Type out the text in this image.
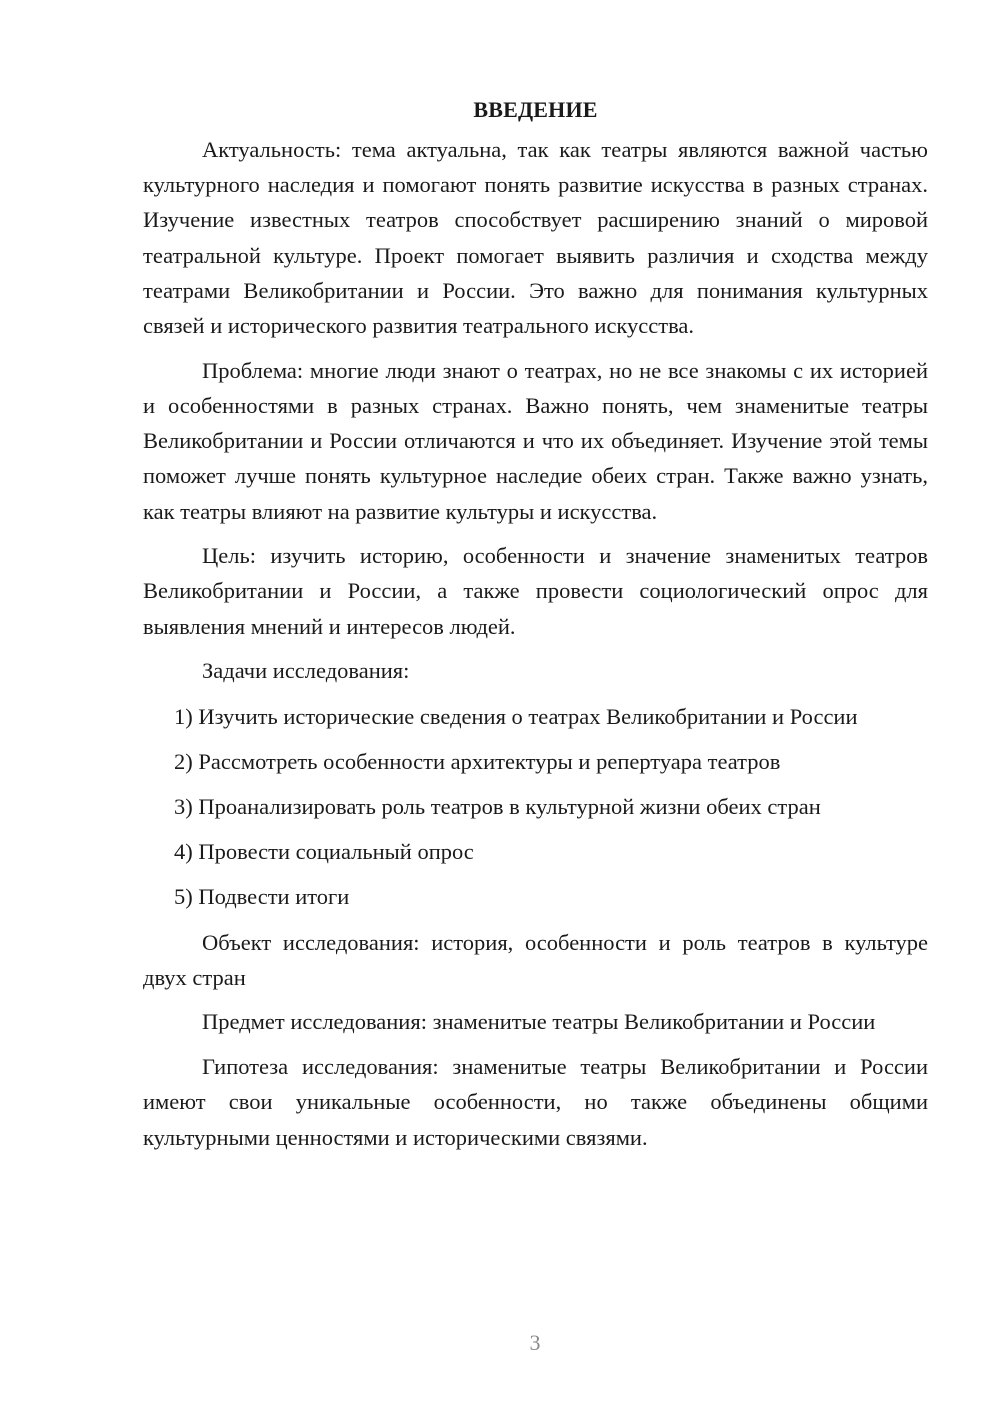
ВВЕДЕНИЕ

Актуальность: тема актуальна, так как театры являются важной частью культурного наследия и помогают понять развитие искусства в разных странах. Изучение известных театров способствует расширению знаний о мировой театральной культуре. Проект помогает выявить различия и сходства между театрами Великобритании и России. Это важно для понимания культурных связей и исторического развития театрального искусства.

Проблема: многие люди знают о театрах, но не все знакомы с их историей и особенностями в разных странах. Важно понять, чем знаменитые театры Великобритании и России отличаются и что их объединяет. Изучение этой темы поможет лучше понять культурное наследие обеих стран. Также важно узнать, как театры влияют на развитие культуры и искусства.

Цель: изучить историю, особенности и значение знаменитых театров Великобритании и России, а также провести социологический опрос для выявления мнений и интересов людей.

Задачи исследования:

1) Изучить исторические сведения о театрах Великобритании и России

2) Рассмотреть особенности архитектуры и репертуара театров

3) Проанализировать роль театров в культурной жизни обеих стран

4) Провести социальный опрос

5) Подвести итоги

Объект исследования: история, особенности и роль театров в культуре двух стран

Предмет исследования: знаменитые театры Великобритании и России

Гипотеза исследования: знаменитые театры Великобритании и России имеют свои уникальные особенности, но также объединены общими культурными ценностями и историческими связями.

3
